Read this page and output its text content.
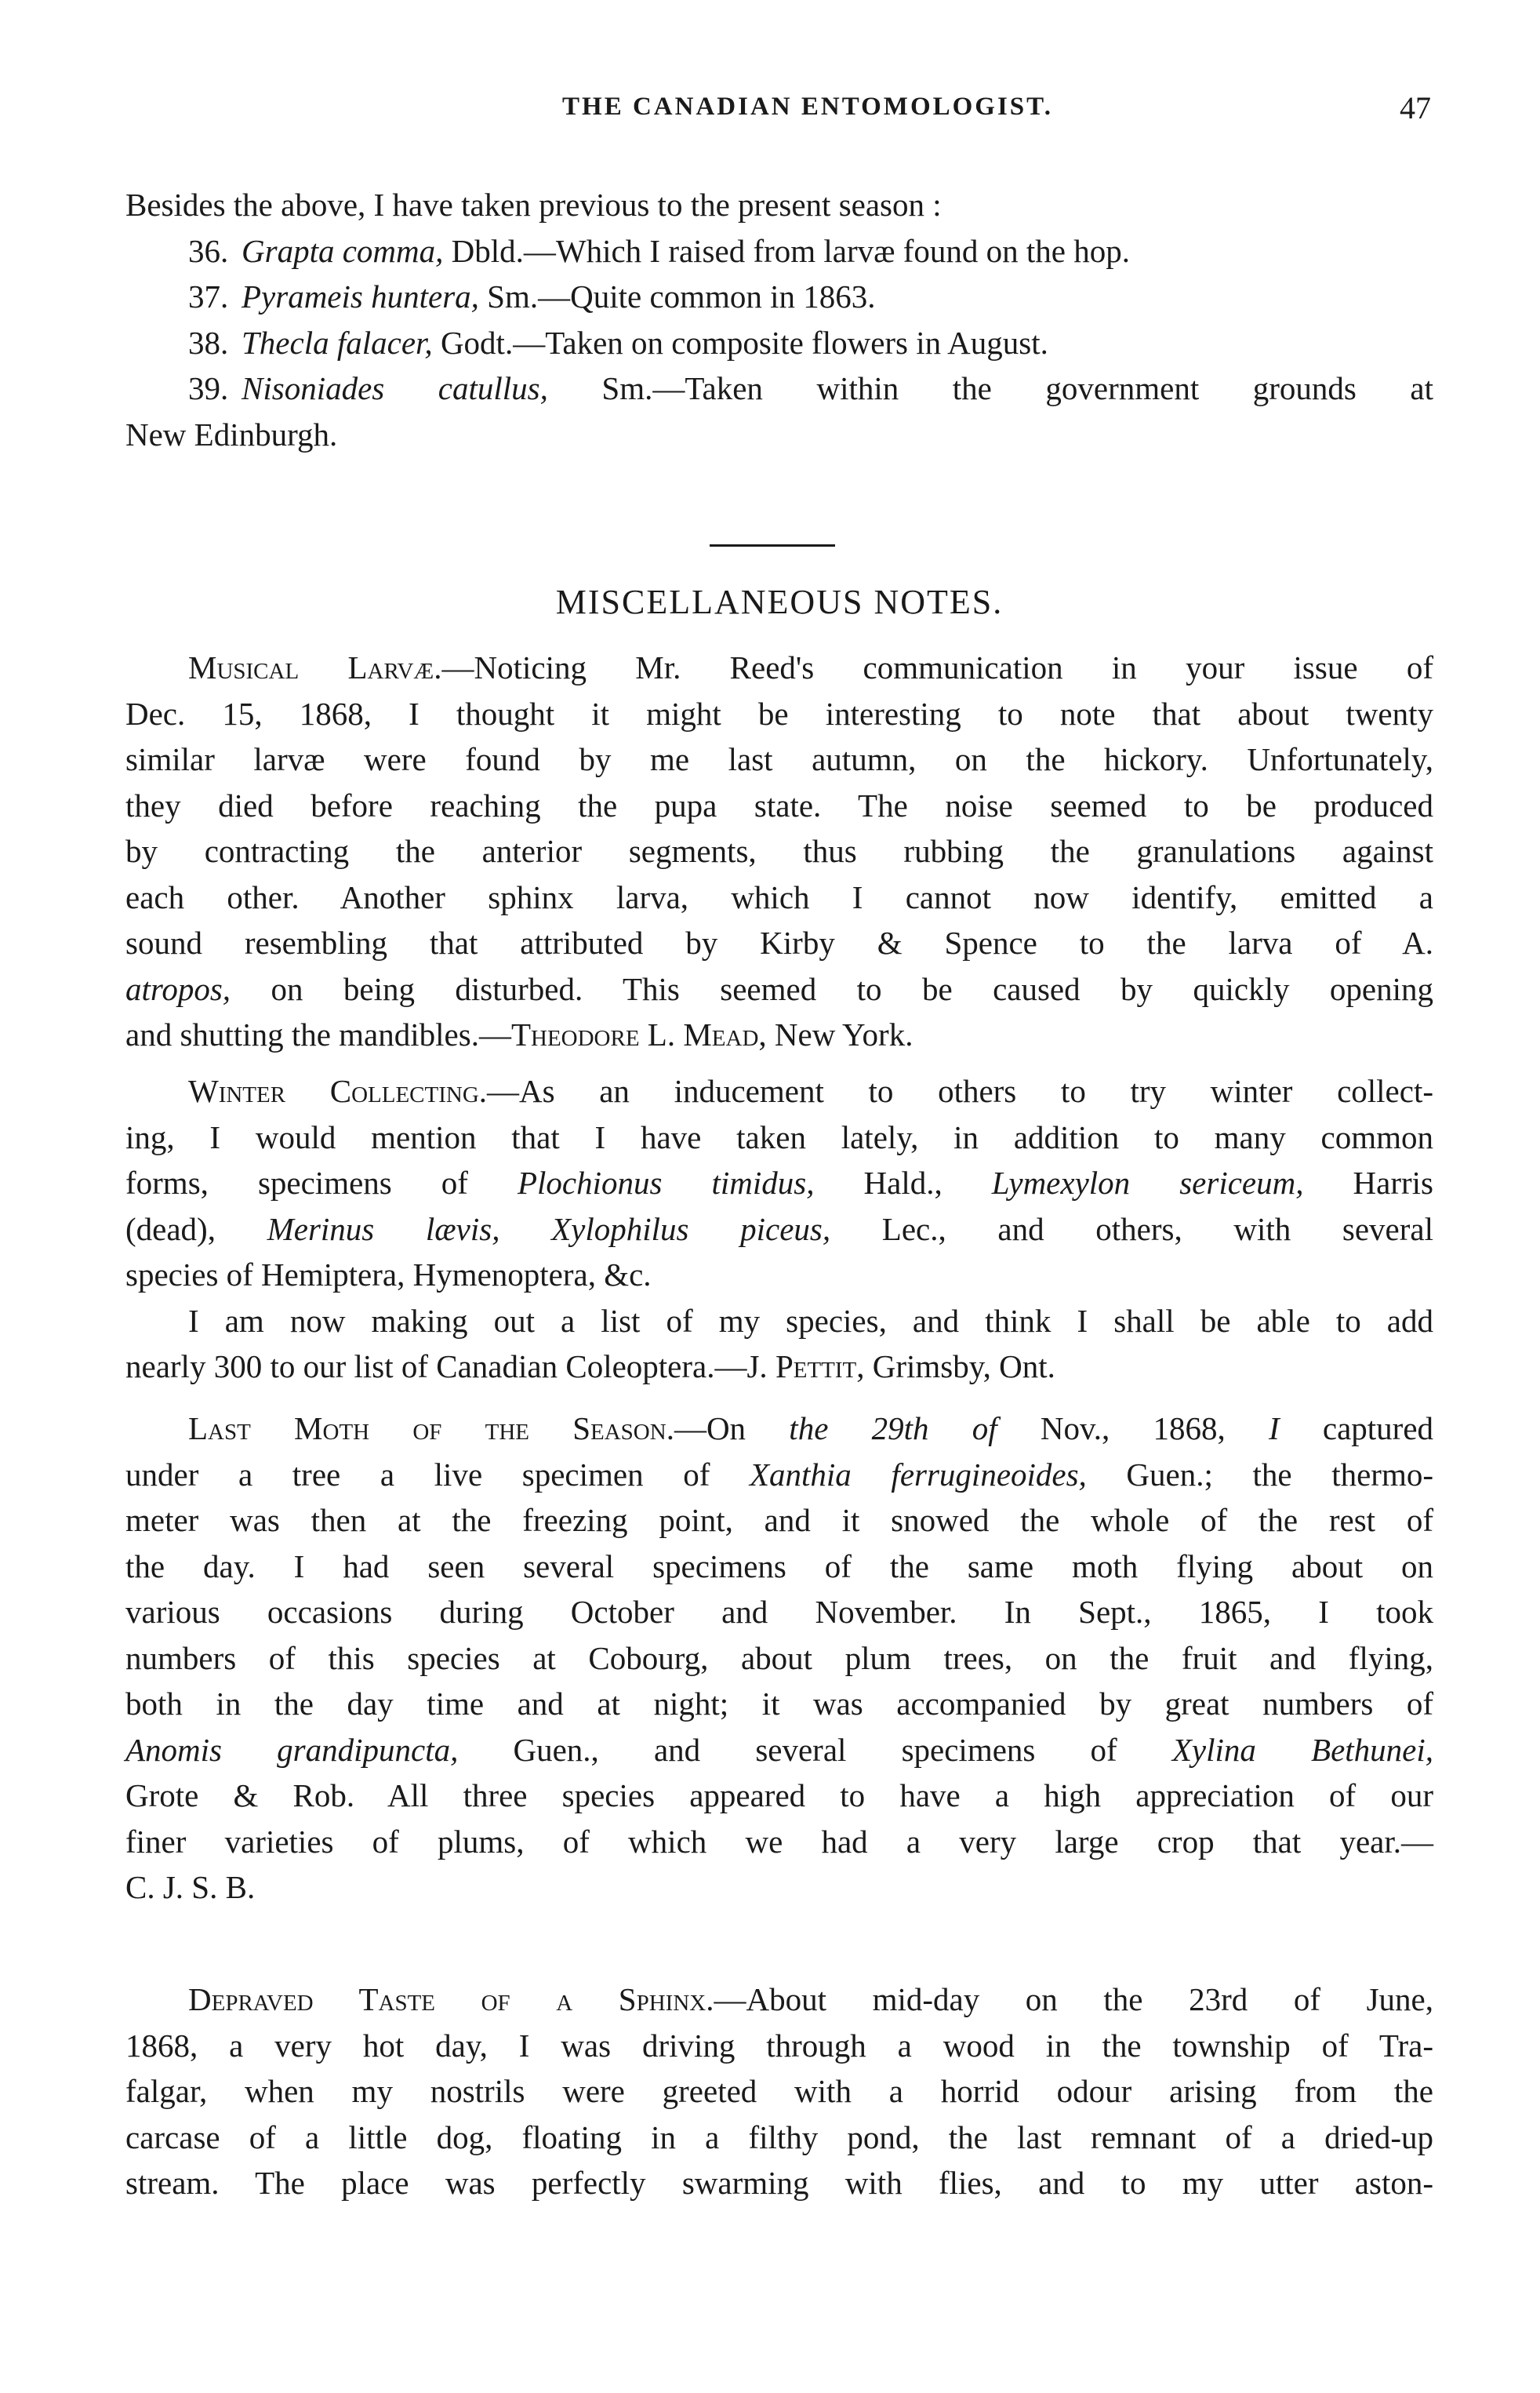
THE CANADIAN ENTOMOLOGIST.	47
Besides the above, I have taken previous to the present season :
36. Grapta comma, Dbld.—Which I raised from larvæ found on the hop.
37. Pyrameis huntera, Sm.—Quite common in 1863.
38. Thecla falacer, Godt.—Taken on composite flowers in August.
39. Nisoniades catullus, Sm.—Taken within the government grounds at
New Edinburgh.
MISCELLANEOUS NOTES.
Musical Larvæ.—Noticing Mr. Reed's communication in your issue of
Dec. 15, 1868, I thought it might be interesting to note that about twenty
similar larvæ were found by me last autumn, on the hickory. Unfortunately,
they died before reaching the pupa state. The noise seemed to be produced
by contracting the anterior segments, thus rubbing the granulations against
each other. Another sphinx larva, which I cannot now identify, emitted a
sound resembling that attributed by Kirby & Spence to the larva of A.
atropos, on being disturbed. This seemed to be caused by quickly opening
and shutting the mandibles.—Theodore L. Mead, New York.
Winter Collecting.—As an inducement to others to try winter collect-
ing, I would mention that I have taken lately, in addition to many common
forms, specimens of Plochionus timidus, Hald., Lymexylon sericeum, Harris
(dead), Merinus lævis, Xylophilus piceus, Lec., and others, with several
species of Hemiptera, Hymenoptera, &c.
I am now making out a list of my species, and think I shall be able to add
nearly 300 to our list of Canadian Coleoptera.—J. Pettit, Grimsby, Ont.
Last Moth of the Season.—On the 29th of Nov., 1868, I captured
under a tree a live specimen of Xanthia ferrugineoides, Guen.; the thermo-
meter was then at the freezing point, and it snowed the whole of the rest of
the day. I had seen several specimens of the same moth flying about on
various occasions during October and November. In Sept., 1865, I took
numbers of this species at Cobourg, about plum trees, on the fruit and flying,
both in the day time and at night; it was accompanied by great numbers of
Anomis grandipuncta, Guen., and several specimens of Xylina Bethunei,
Grote & Rob. All three species appeared to have a high appreciation of our
finer varieties of plums, of which we had a very large crop that year.—
C. J. S. B.
Depraved Taste of a Sphinx.—About mid-day on the 23rd of June,
1868, a very hot day, I was driving through a wood in the township of Tra-
falgar, when my nostrils were greeted with a horrid odour arising from the
carcase of a little dog, floating in a filthy pond, the last remnant of a dried-up
stream. The place was perfectly swarming with flies, and to my utter aston-
